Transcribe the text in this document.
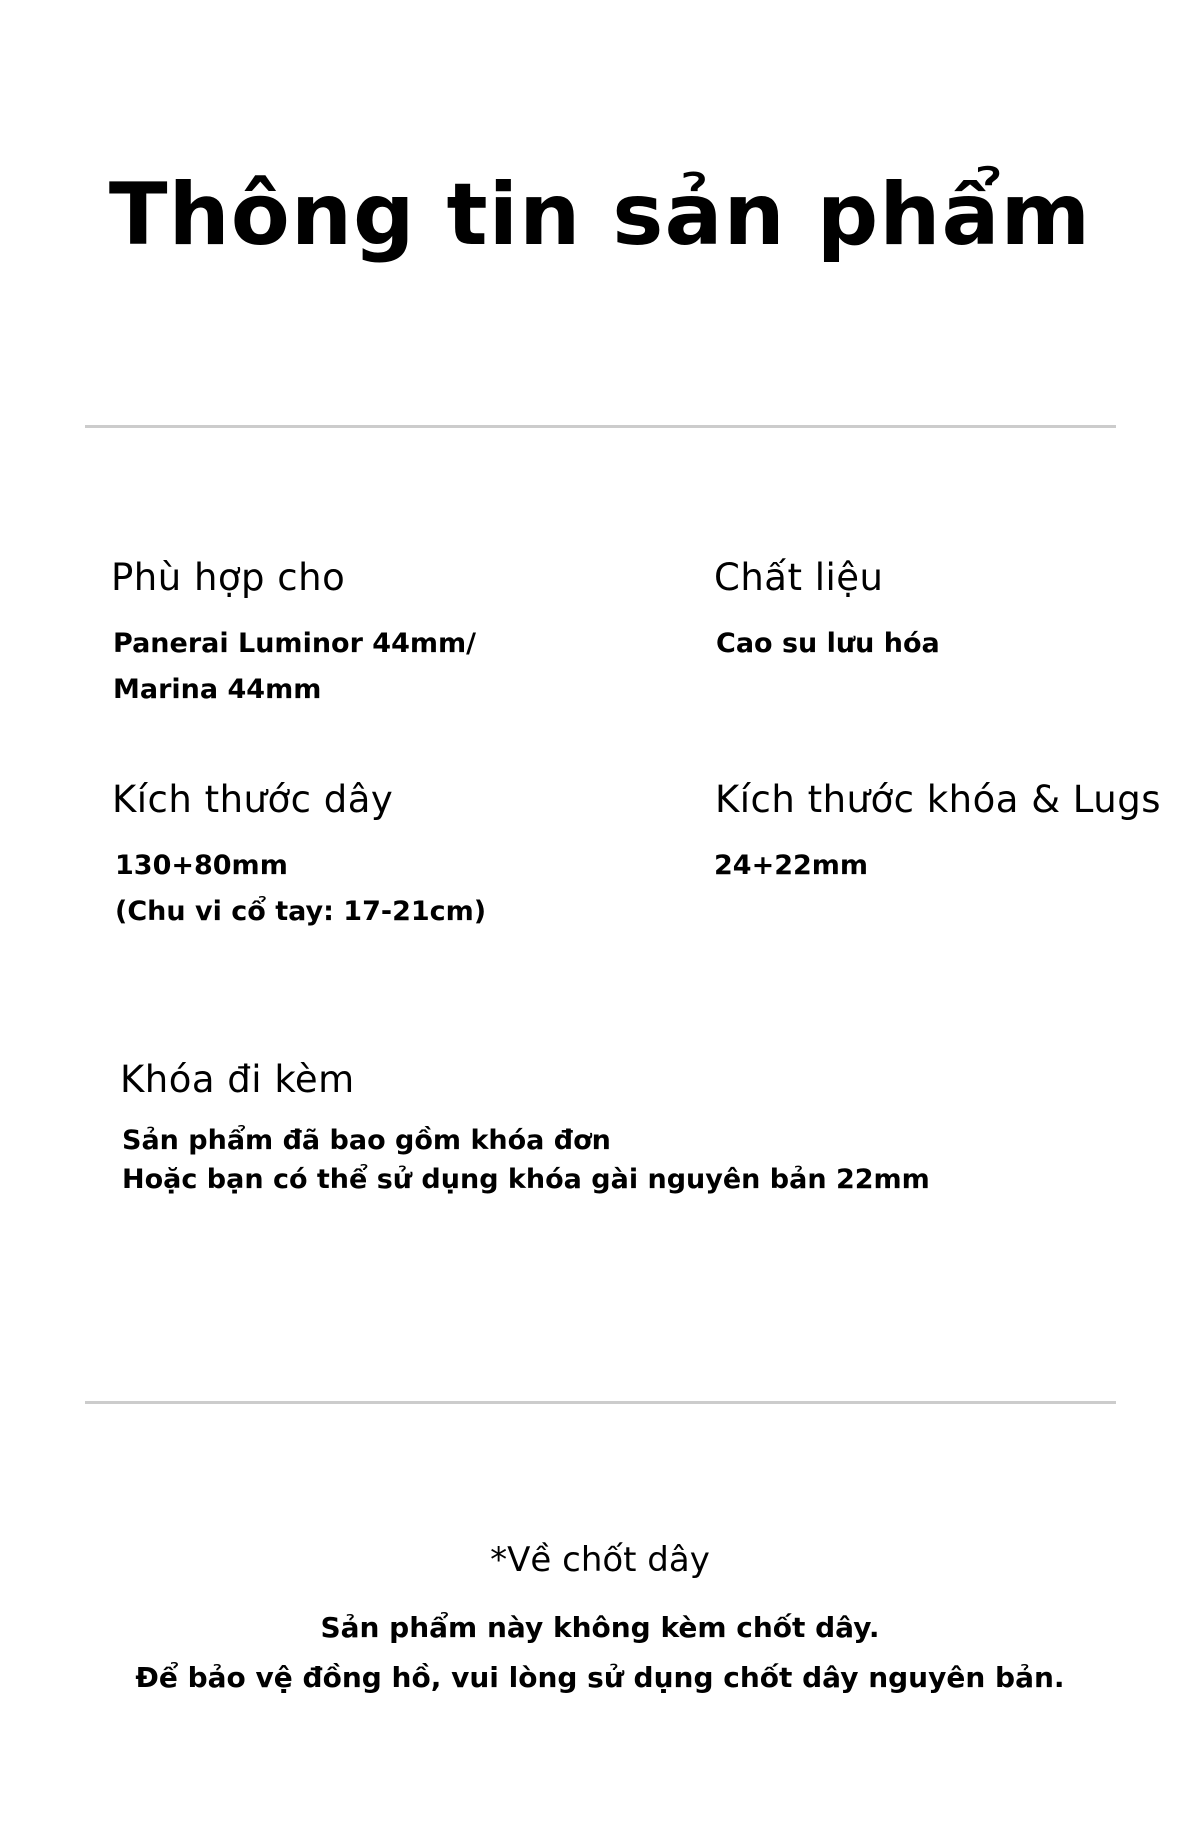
Thông tin sản phẩm
Phù hợp cho
Panerai Luminor 44mm/
Marina 44mm
Chất liệu
Cao su lưu hóa
Kích thước dây
130+80mm
(Chu vi cổ tay: 17-21cm)
Kích thước khóa & Lugs
24+22mm
Khóa đi kèm
Sản phẩm đã bao gồm khóa đơn
Hoặc bạn có thể sử dụng khóa gài nguyên bản 22mm
*Về chốt dây
Sản phẩm này không kèm chốt dây.
Để bảo vệ đồng hồ, vui lòng sử dụng chốt dây nguyên bản.
